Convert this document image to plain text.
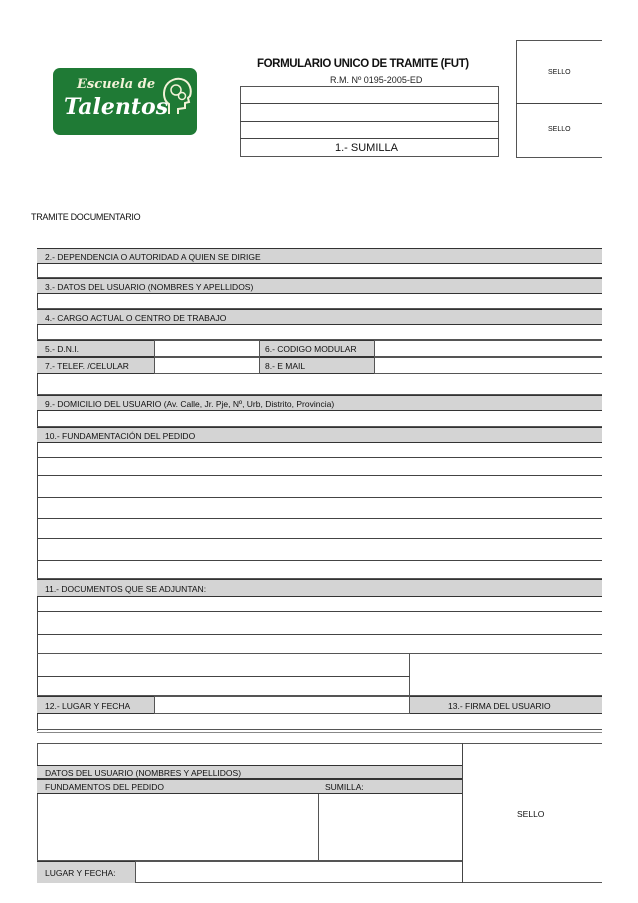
Escuela de
Talentos
FORMULARIO UNICO DE TRAMITE (FUT)
R.M. Nº 0195-2005-ED
1.- SUMILLA
SELLO
SELLO
TRAMITE DOCUMENTARIO
2.- DEPENDENCIA O AUTORIDAD A QUIEN SE DIRIGE
3.- DATOS DEL USUARIO (NOMBRES Y APELLIDOS)
4.- CARGO ACTUAL O CENTRO DE TRABAJO
5.- D.N.I.	6.- CODIGO MODULAR
7.- TELEF. /CELULAR	8.- E MAIL
9.- DOMICILIO DEL USUARIO (Av. Calle, Jr. Pje, Nº, Urb, Distrito, Provincia)
10.- FUNDAMENTACIÓN DEL PEDIDO
11.- DOCUMENTOS QUE SE ADJUNTAN:
12.- LUGAR Y FECHA	13.- FIRMA DEL USUARIO
SELLO
DATOS DEL USUARIO (NOMBRES Y APELLIDOS)
FUNDAMENTOS DEL PEDIDO	SUMILLA:
LUGAR Y FECHA:
